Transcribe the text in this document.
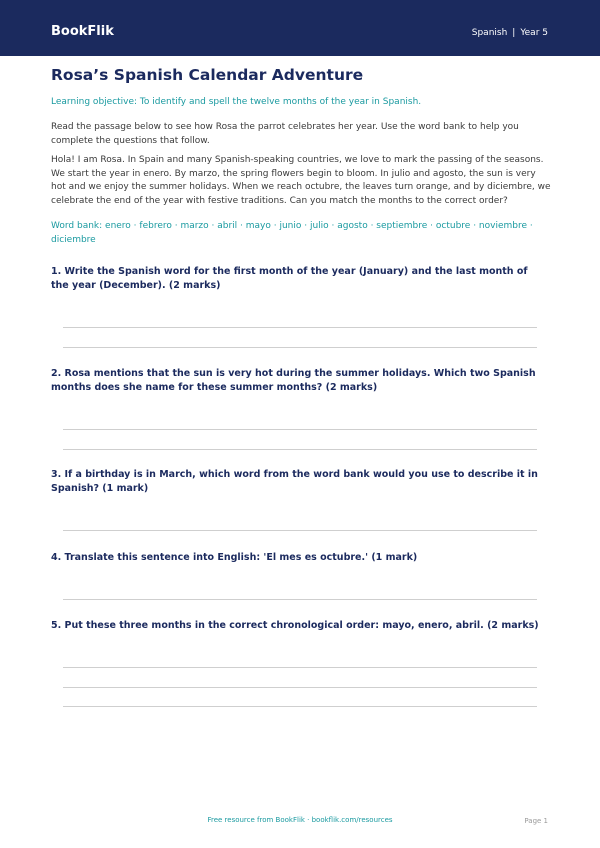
BookFlik	Spanish | Year 5
Rosa’s Spanish Calendar Adventure
Learning objective: To identify and spell the twelve months of the year in Spanish.
Read the passage below to see how Rosa the parrot celebrates her year. Use the word bank to help you complete the questions that follow.
Hola! I am Rosa. In Spain and many Spanish-speaking countries, we love to mark the passing of the seasons. We start the year in enero. By marzo, the spring flowers begin to bloom. In julio and agosto, the sun is very hot and we enjoy the summer holidays. When we reach octubre, the leaves turn orange, and by diciembre, we celebrate the end of the year with festive traditions. Can you match the months to the correct order?
Word bank: enero · febrero · marzo · abril · mayo · junio · julio · agosto · septiembre · octubre · noviembre · diciembre
1. Write the Spanish word for the first month of the year (January) and the last month of the year (December). (2 marks)
2. Rosa mentions that the sun is very hot during the summer holidays. Which two Spanish months does she name for these summer months? (2 marks)
3. If a birthday is in March, which word from the word bank would you use to describe it in Spanish? (1 mark)
4. Translate this sentence into English: 'El mes es octubre.' (1 mark)
5. Put these three months in the correct chronological order: mayo, enero, abril. (2 marks)
Free resource from BookFlik · bookflik.com/resources	Page 1
